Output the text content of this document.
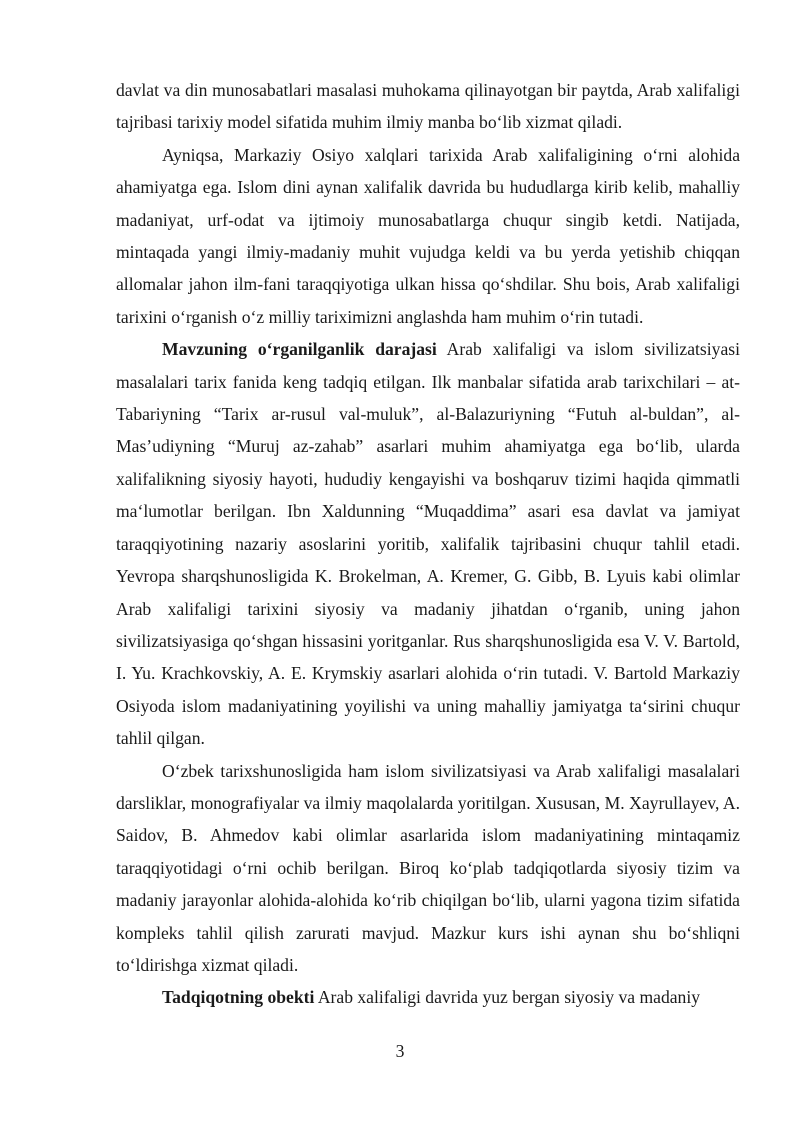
davlat va din munosabatlari masalasi muhokama qilinayotgan bir paytda, Arab xalifaligi tajribasi tarixiy model sifatida muhim ilmiy manba bo‘lib xizmat qiladi.

Ayniqsa, Markaziy Osiyo xalqlari tarixida Arab xalifaligining o‘rni alohida ahamiyatga ega. Islom dini aynan xalifalik davrida bu hududlarga kirib kelib, mahalliy madaniyat, urf-odat va ijtimoiy munosabatlarga chuqur singib ketdi. Natijada, mintaqada yangi ilmiy-madaniy muhit vujudga keldi va bu yerda yetishib chiqqan allomalar jahon ilm-fani taraqqiyotiga ulkan hissa qo‘shdilar. Shu bois, Arab xalifaligi tarixini o‘rganish o‘z milliy tariximizni anglashda ham muhim o‘rin tutadi.

Mavzuning o‘rganilganlik darajasi Arab xalifaligi va islom sivilizatsiyasi masalalari tarix fanida keng tadqiq etilgan. Ilk manbalar sifatida arab tarixchilari – at-Tabariyning “Tarix ar-rusul val-muluk”, al-Balazuriyning “Futuh al-buldan”, al-Mas’udiyning “Muruj az-zahab” asarlari muhim ahamiyatga ega bo‘lib, ularda xalifalikning siyosiy hayoti, hududiy kengayishi va boshqaruv tizimi haqida qimmatli ma‘lumotlar berilgan. Ibn Xaldunning “Muqaddima” asari esa davlat va jamiyat taraqqiyotining nazariy asoslarini yoritib, xalifalik tajribasini chuqur tahlil etadi. Yevropa sharqshunosligida K. Brokelman, A. Kremer, G. Gibb, B. Lyuis kabi olimlar Arab xalifaligi tarixini siyosiy va madaniy jihatdan o‘rganib, uning jahon sivilizatsiyasiga qo‘shgan hissasini yoritganlar. Rus sharqshunosligida esa V. V. Bartold, I. Yu. Krachkovskiy, A. E. Krymskiy asarlari alohida o‘rin tutadi. V. Bartold Markaziy Osiyoda islom madaniyatining yoyilishi va uning mahalliy jamiyatga ta‘sirini chuqur tahlil qilgan.

O‘zbek tarixshunosligida ham islom sivilizatsiyasi va Arab xalifaligi masalalari darsliklar, monografiyalar va ilmiy maqolalarda yoritilgan. Xususan, M. Xayrullayev, A. Saidov, B. Ahmedov kabi olimlar asarlarida islom madaniyatining mintaqamiz taraqqiyotidagi o‘rni ochib berilgan. Biroq ko‘plab tadqiqotlarda siyosiy tizim va madaniy jarayonlar alohida-alohida ko‘rib chiqilgan bo‘lib, ularni yagona tizim sifatida kompleks tahlil qilish zarurati mavjud. Mazkur kurs ishi aynan shu bo‘shliqni to‘ldirishga xizmat qiladi.

Tadqiqotning obekti Arab xalifaligi davrida yuz bergan siyosiy va madaniy

3
